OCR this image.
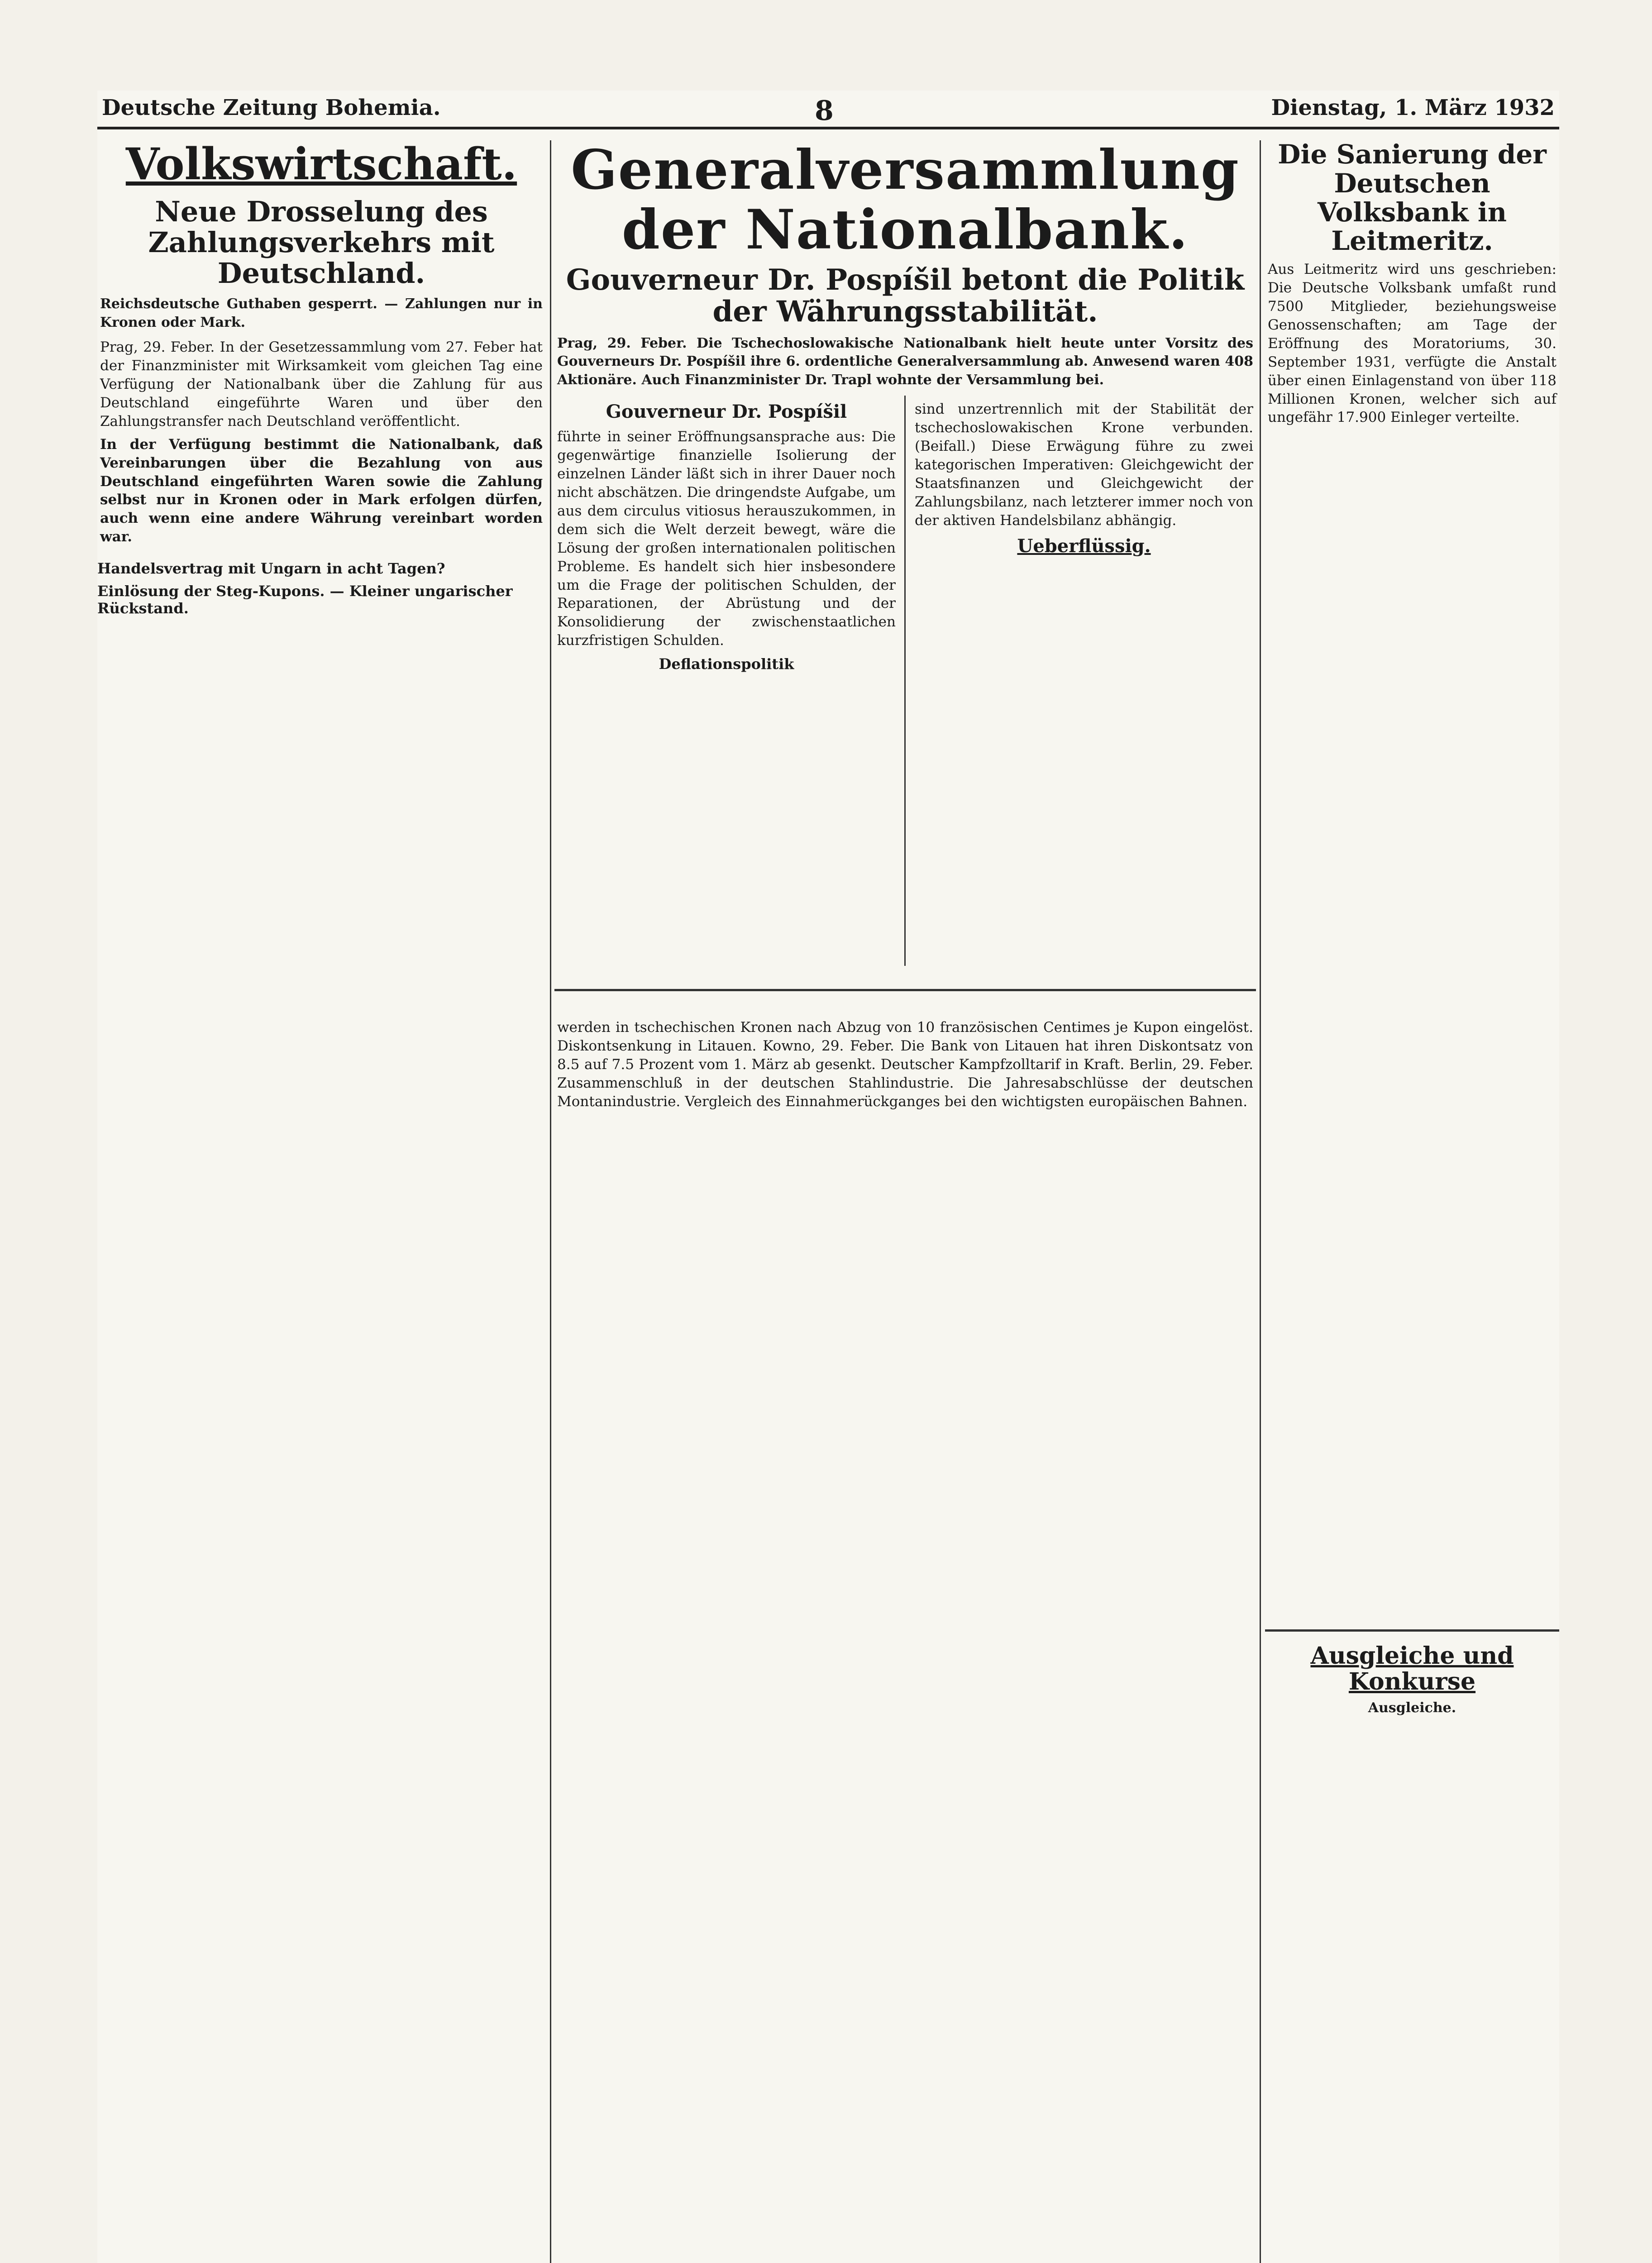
Deutsche Zeitung Bohemia.	8	Dienstag, 1. März 1932
Volkswirtschaft.
Neue Drosselung des Zahlungsverkehrs mit Deutschland.
Reichsdeutsche Guthaben gesperrt. — Zahlungen nur in Kronen oder Mark.
Prag, 29. Feber. In der Gesetzessammlung vom 27. Feber hat der Finanzminister mit Wirksamkeit vom gleichen Tag eine Verfügung der Nationalbank über die Zahlung für aus Deutschland eingeführte Waren und über den Zahlungstransfer nach Deutschland veröffentlicht.
In der Verfügung bestimmt die Nationalbank, daß Vereinbarungen über die Bezahlung von aus Deutschland eingeführten Waren sowie die Zahlung selbst nur in Kronen oder in Mark erfolgen dürfen, auch wenn eine andere Währung vereinbart worden war.
Handelsvertrag mit Ungarn in acht Tagen?
Einlösung der Steg-Kupons. — Kleiner ungarischer Rückstand.
Generalversammlung der Nationalbank.
Gouverneur Dr. Pospíšil betont die Politik der Währungsstabilität.
Prag, 29. Feber. Die Tschechoslowakische Nationalbank hielt heute unter Vorsitz des Gouverneurs Dr. Pospíšil ihre 6. ordentliche Generalversammlung ab. Anwesend waren 408 Aktionäre. Auch Finanzminister Dr. Trapl wohnte der Versammlung bei.
Gouverneur Dr. Pospíšil
führte in seiner Eröffnungsansprache aus: Die gegenwärtige finanzielle Isolierung der einzelnen Länder läßt sich in ihrer Dauer noch nicht abschätzen. Die dringendste Aufgabe, um aus dem circulus vitiosus herauszukommen, in dem sich die Welt derzeit bewegt, wäre die Lösung der großen internationalen politischen Probleme. Es handelt sich hier insbesondere um die Frage der politischen Schulden, der Reparationen, der Abrüstung und der Konsolidierung der zwischenstaatlichen kurzfristigen Schulden.
Deflationspolitik
sind unzertrennlich mit der Stabilität der tschechoslowakischen Krone verbunden. (Beifall.) Diese Erwägung führe zu zwei kategorischen Imperativen: Gleichgewicht der Staatsfinanzen und Gleichgewicht der Zahlungsbilanz, nach letzterer immer noch von der aktiven Handelsbilanz abhängig.
Ueberflüssig.
werden in tschechischen Kronen nach Abzug von 10 französischen Centimes je Kupon eingelöst. Diskontsenkung in Litauen. Kowno, 29. Feber. Die Bank von Litauen hat ihren Diskontsatz von 8.5 auf 7.5 Prozent vom 1. März ab gesenkt. Deutscher Kampfzolltarif in Kraft. Berlin, 29. Feber. Zusammenschluß in der deutschen Stahlindustrie. Die Jahresabschlüsse der deutschen Montanindustrie. Vergleich des Einnahmerückganges bei den wichtigsten europäischen Bahnen.
Die Sanierung der Deutschen Volksbank in Leitmeritz.
Aus Leitmeritz wird uns geschrieben: Die Deutsche Volksbank umfaßt rund 7500 Mitglieder, beziehungsweise Genossenschaften; am Tage der Eröffnung des Moratoriums, 30. September 1931, verfügte die Anstalt über einen Einlagenstand von über 118 Millionen Kronen, welcher sich auf ungefähr 17.900 Einleger verteilte.
Ausgleiche und Konkurse
Ausgleiche.
